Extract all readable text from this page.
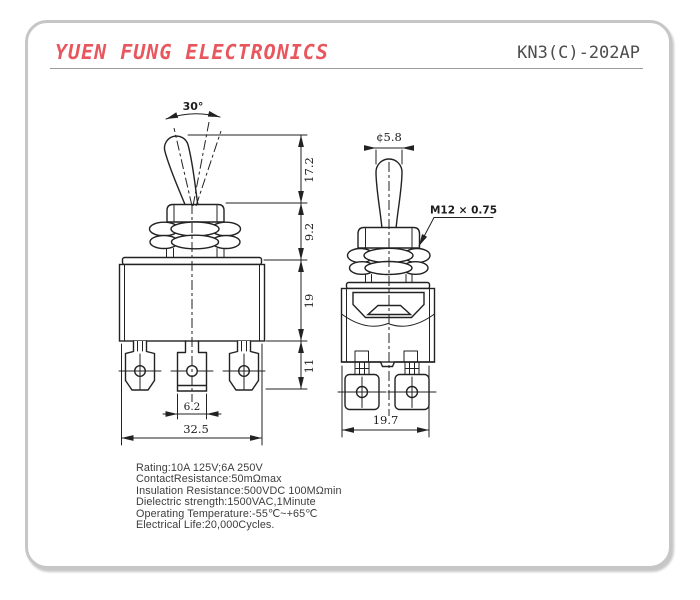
YUEN FUNG ELECTRONICS	KN3(C)-202AP
30°
17.2
9.2
19
11
6.2
32.5
¢5.8
M12 × 0.75
19.7
Rating:10A 125V;6A 250V
ContactResistance:50mΩmax
Insulation Resistance:500VDC 100MΩmin
Dielectric strength:1500VAC,1Minute
Operating Temperature:-55℃~+65℃
Electrical Life:20,000Cycles.
